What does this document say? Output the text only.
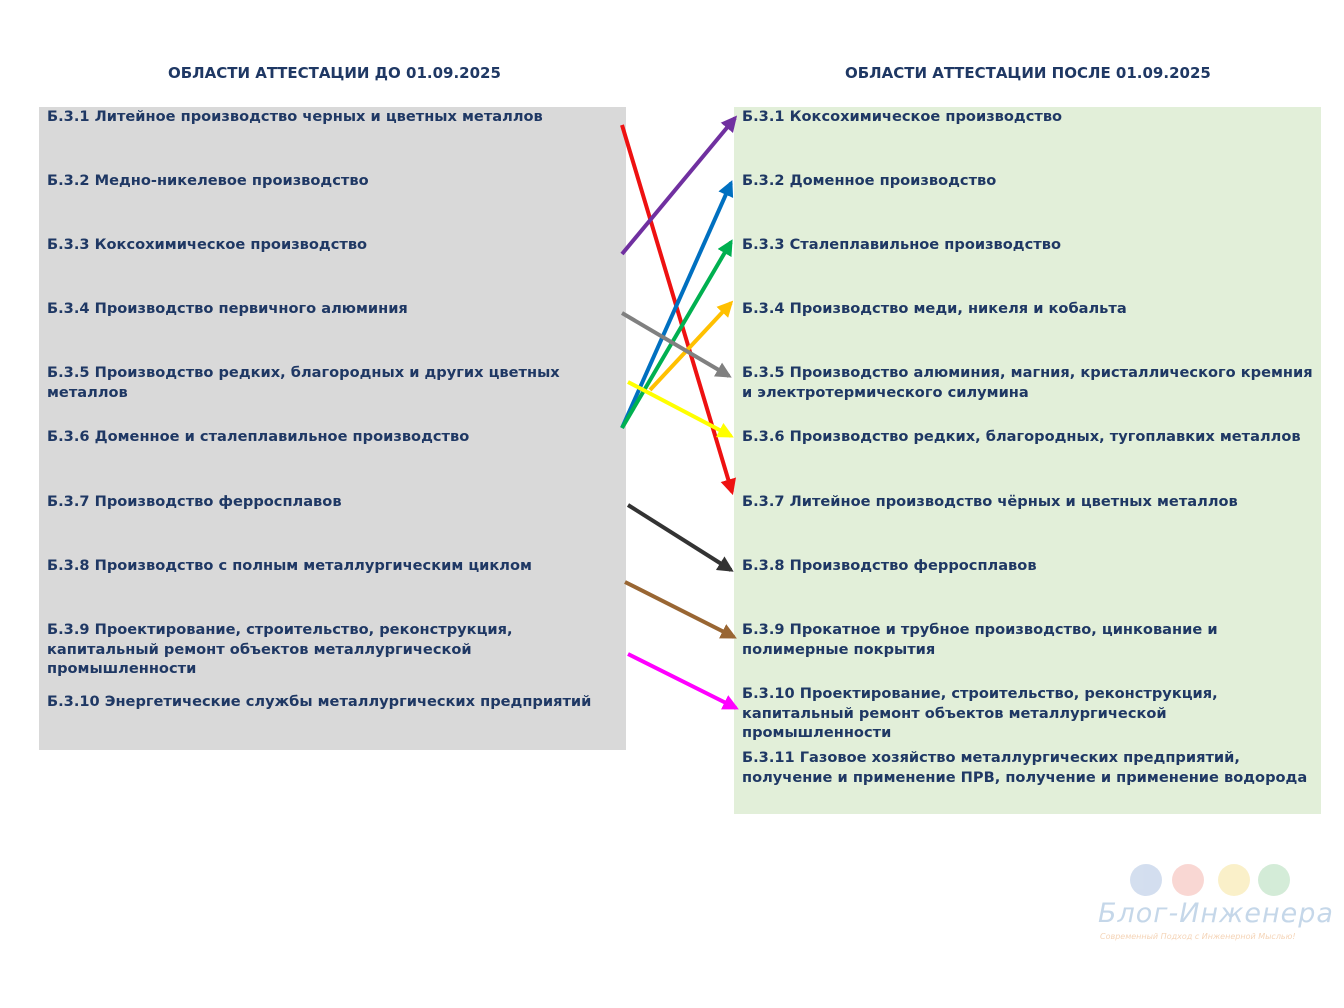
ОБЛАСТИ АТТЕСТАЦИИ ДО 01.09.2025	ОБЛАСТИ АТТЕСТАЦИИ ПОСЛЕ 01.09.2025
Б.3.1 Литейное производство черных и цветных металлов
Б.3.2 Медно-никелевое производство
Б.3.3 Коксохимическое производство
Б.3.4 Производство первичного алюминия
Б.3.5 Производство редких, благородных и других цветных металлов
Б.3.6 Доменное и сталеплавильное производство
Б.3.7 Производство ферросплавов
Б.3.8 Производство с полным металлургическим циклом
Б.3.9 Проектирование, строительство, реконструкция, капитальный ремонт объектов металлургической промышленности
Б.3.10 Энергетические службы металлургических предприятий
Б.3.1 Коксохимическое производство
Б.3.2 Доменное производство
Б.3.3 Сталеплавильное производство
Б.3.4 Производство меди, никеля и кобальта
Б.3.5 Производство алюминия, магния, кристаллического кремния и электротермического силумина
Б.3.6 Производство редких, благородных, тугоплавких металлов
Б.3.7 Литейное производство чёрных и цветных металлов
Б.3.8 Производство ферросплавов
Б.3.9 Прокатное и трубное производство, цинкование и полимерные покрытия
Б.3.10 Проектирование, строительство, реконструкция, капитальный ремонт объектов металлургической промышленности
Б.3.11 Газовое хозяйство металлургических предприятий, получение и применение ПРВ, получение и применение водорода
Блог-Инженера
Современный Подход с Инженерной Мыслью!
